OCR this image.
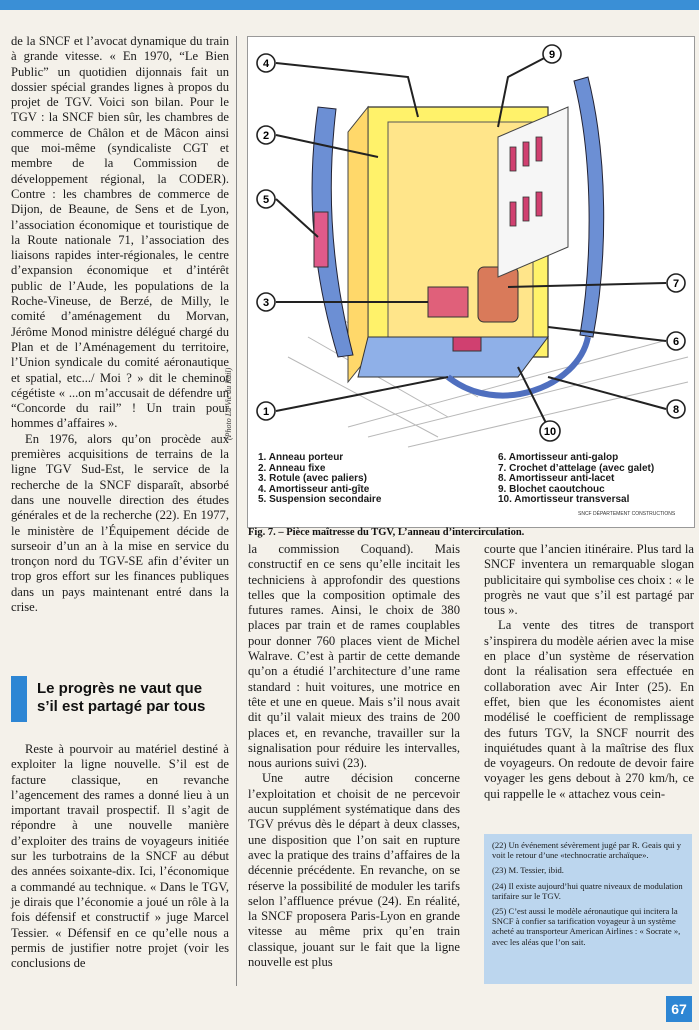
de la SNCF et l’avocat dynamique du train à grande vitesse. « En 1970, “Le Bien Public” un quotidien dijonnais fait un dossier spécial grandes lignes à propos du projet de TGV. Voici son bilan. Pour le TGV : la SNCF bien sûr, les chambres de commerce de Châlon et de Mâcon ainsi que moi-même (syndicaliste CGT et membre de la Commission de développement régional, la CODER). Contre : les chambres de commerce de Dijon, de Beaune, de Sens et de Lyon, l’association économique et touristique de la Route nationale 71, l’association des liaisons rapides inter-régionales, le centre d’expansion économique et d’intérêt public de l’Aude, les populations de la Roche-Vineuse, de Berzé, de Milly, le comité d’aménagement du Morvan, Jérôme Monod ministre délégué chargé du Plan et de l’Aménagement du territoire, l’Union syndicale du comité aéronautique et spatial, etc.../ Moi ? » dit le cheminot cégétiste « ...on m’accusait de défendre un “Concorde du rail” ! Un train pour hommes d’affaires ».

En 1976, alors qu’on procède aux premières acquisitions de terrains de la ligne TGV Sud-Est, le service de la recherche de la SNCF disparaît, absorbé dans une nouvelle direction des études générales et de la recherche (22). En 1977, le ministère de l’Équipement décide de surseoir d’un an à la mise en service du tronçon nord du TGV-SE afin d’éviter un trop gros effort sur les finances publiques dans un pays maintenant entré dans la crise.

Le progrès ne vaut que s’il est partagé par tous

Reste à pourvoir au matériel destiné à exploiter la ligne nouvelle. S’il est de facture classique, en revanche l’agencement des rames a donné lieu à un important travail prospectif. Il s’agit de répondre à une nouvelle manière d’exploiter des trains de voyageurs initiée sur les turbotrains de la SNCF au début des années soixante-dix. Ici, l’économique a commandé au technique. « Dans le TGV, je dirais que l’économie a joué un rôle à la fois défensif et constructif » juge Marcel Tessier. « Défensif en ce qu’elle nous a permis de justifier notre projet (voir les conclusions de

(Photo La Vie du Rail)	1
2
3
4
5
6
7
8
9
10
1. Anneau porteur
2. Anneau fixe
3. Rotule (avec paliers)
4. Amortisseur anti-gîte
5. Suspension secondaire
6. Amortisseur anti-galop
7. Crochet d’attelage (avec galet)
8. Amortisseur anti-lacet
9. Blochet caoutchouc
10. Amortisseur transversal
SNCF DÉPARTEMENT CONSTRUCTIONS
Fig. 7. – Pièce maîtresse du TGV, L’anneau d’intercirculation.

la commission Coquand). Mais constructif en ce sens qu’elle incitait les techniciens à approfondir des questions telles que la composition optimale des futures rames. Ainsi, le choix de 380 places par train et de rames couplables pour donner 760 places vient de Michel Walrave. C’est à partir de cette demande qu’on a étudié l’architecture d’une rame standard : huit voitures, une motrice en tête et une en queue. Mais s’il nous avait dit qu’il valait mieux des trains de 200 places et, en revanche, travailler sur la signalisation pour réduire les intervalles, nous aurions suivi (23).

Une autre décision concerne l’exploitation et choisit de ne percevoir aucun supplément systématique dans des TGV prévus dès le départ à deux classes, une disposition que l’on sait en rupture avec la pratique des trains d’affaires de la décennie précédente. En revanche, on se réserve la possibilité de moduler les tarifs selon l’affluence prévue (24). En réalité, la SNCF proposera Paris-Lyon en grande vitesse au même prix qu’en train classique, jouant sur le fait que la ligne nouvelle est plus

courte que l’ancien itinéraire. Plus tard la SNCF inventera un remarquable slogan publicitaire qui symbolise ces choix : « le progrès ne vaut que s’il est partagé par tous ».

La vente des titres de transport s’inspirera du modèle aérien avec la mise en place d’un système de réservation dont la réalisation sera effectuée en collaboration avec Air Inter (25). En effet, bien que les économistes aient modélisé le coefficient de remplissage des futurs TGV, la SNCF nourrit des inquiétudes quant à la maîtrise des flux de voyageurs. On redoute de devoir faire voyager les gens debout à 270 km/h, ce qui rappelle le « attachez vous cein-

(22) Un événement sévèrement jugé par R. Geais qui y voit le retour d’une «technocratie archaïque».

(23) M. Tessier, ibid.

(24) Il existe aujourd’hui quatre niveaux de modulation tarifaire sur le TGV.

(25) C’est aussi le modèle aéronautique qui incitera la SNCF à confier sa tarification voyageur à un système acheté au transporteur American Airlines : « Socrate », avec les aléas que l’on sait.

67
